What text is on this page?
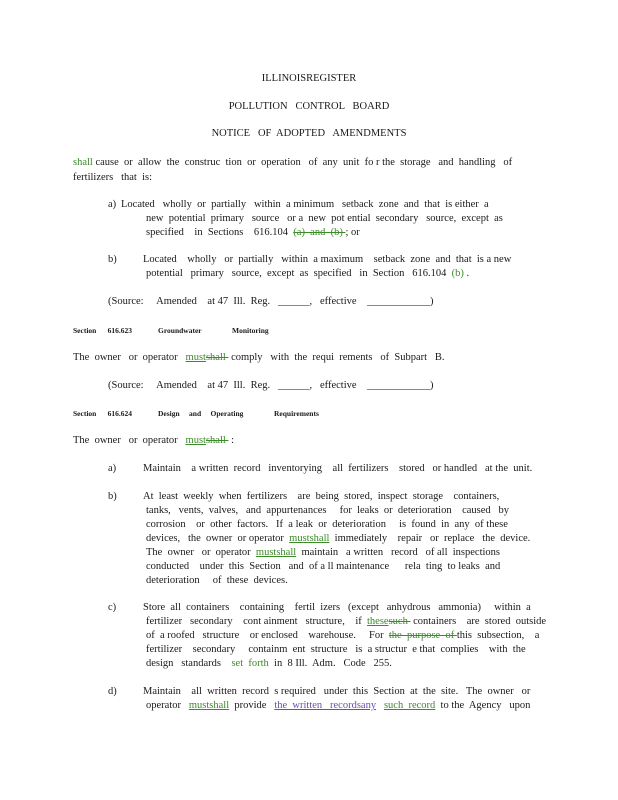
ILLINOISREGISTER
POLLUTION   CONTROL   BOARD
NOTICE   OF  ADOPTED   AMENDMENTS
shall cause  or  allow  the  construc  tion  or  operation   of  any  unit  fo r the  storage   and  handling   of
fertilizers   that  is:
a) Located   wholly  or  partially   within  a minimum   setback  zone  and  that  is either  a
new  potential  primary   source   or a  new  pot ential  secondary   source,  except  as
specified    in  Sections    616.104  (a)  and  (b) ; or
b)	Located    wholly   or  partially   within  a maximum    setback  zone  and  that  is a new
potential   primary   source,  except  as  specified   in  Section   616.104  (b) .
(Source:     Amended    at 47  Ill.  Reg.   ______,   effective    ____________)
Section      616.623	Groundwater	Monitoring
The  owner   or  operator   mustshall  comply   with  the  requi  rements   of  Subpart   B.
(Source:     Amended    at 47  Ill.  Reg.   ______,   effective    ____________)
Section      616.624	Design     and     Operating	Requirements
The  owner   or  operator   mustshall  :
a)	Maintain    a written  record   inventorying    all  fertilizers    stored   or handled   at the  unit.
b)	At  least  weekly  when  fertilizers    are  being  stored,  inspect  storage    containers,
tanks,   vents,  valves,   and  appurtenances     for  leaks  or  deterioration    caused   by
corrosion    or  other  factors.   If  a leak  or  deterioration     is  found  in  any  of these
devices,   the  owner  or operator  mustshall  immediately    repair   or  replace   the  device.
The  owner   or  operator  mustshall  maintain   a written   record   of all  inspections
conducted    under  this  Section   and  of a ll maintenance      rela  ting  to leaks  and
deterioration     of  these  devices.
c)	Store  all  containers    containing    fertil  izers   (except   anhydrous   ammonia)     within  a
fertilizer   secondary    cont ainment   structure,    if  thesesuch  containers    are  stored  outside
of  a roofed   structure    or enclosed    warehouse.     For  the  purpose  of this  subsection,    a
fertilizer    secondary     containm  ent  structure   is  a structur  e that  complies    with  the
design   standards    set  forth  in  8 Ill.  Adm.   Code   255.
d)	Maintain    all  written  record  s required   under  this  Section  at  the  site.   The  owner   or
operator   mustshall  provide   the  written   recordsany such  record  to the  Agency   upon
